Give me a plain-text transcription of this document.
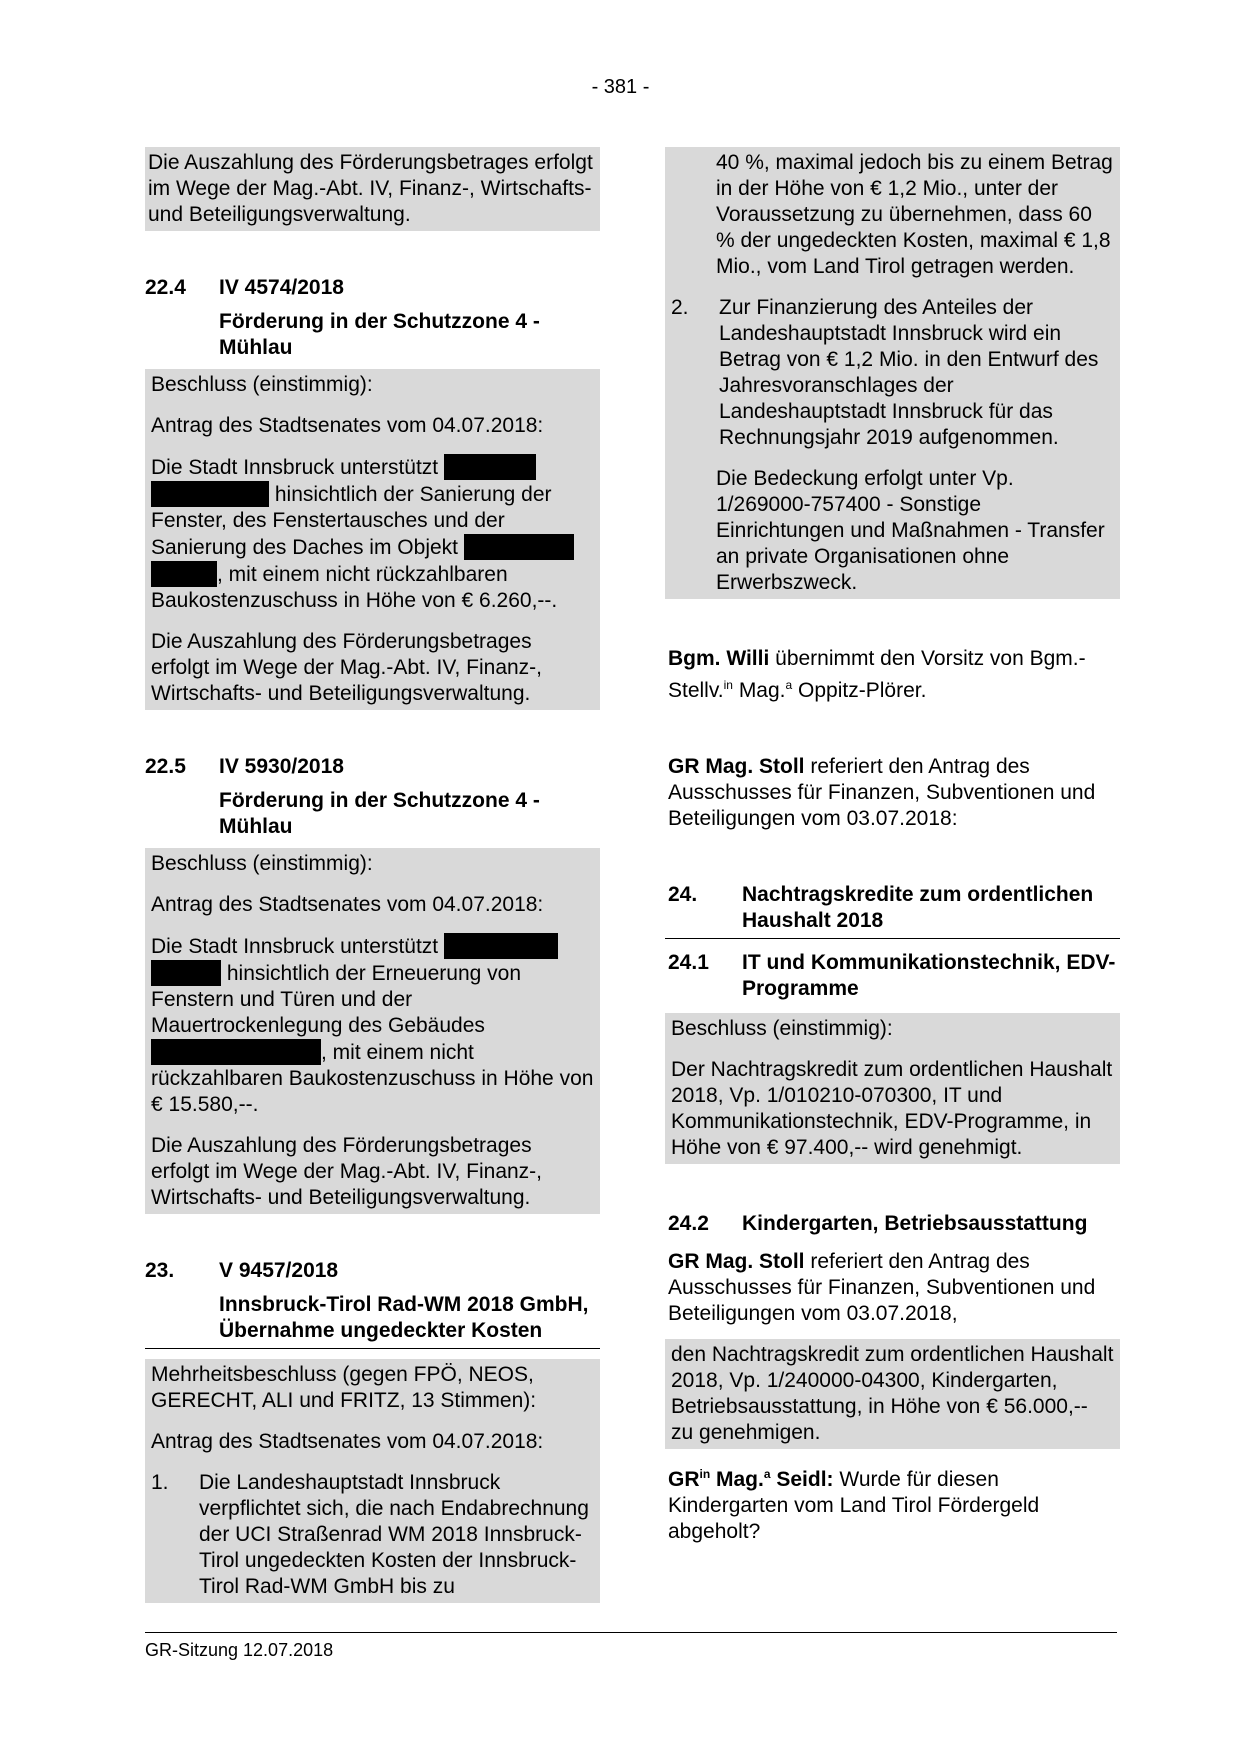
- 381 -

Die Auszahlung des Förderungsbetrages erfolgt im Wege der Mag.-Abt. IV, Finanz-, Wirtschafts- und Beteiligungsverwaltung.

22.4	IV 4574/2018
Förderung in der Schutzzone 4 - Mühlau

Beschluss (einstimmig):

Antrag des Stadtsenates vom 04.07.2018:

Die Stadt Innsbruck unterstützt   hinsichtlich der Sanierung der Fenster, des Fenstertausches und der Sanierung des Daches im Objekt  , mit einem nicht rückzahlbaren Baukostenzuschuss in Höhe von € 6.260,--.

Die Auszahlung des Förderungsbetrages erfolgt im Wege der Mag.-Abt. IV, Finanz-, Wirtschafts- und Beteiligungsverwaltung.

22.5	IV 5930/2018
Förderung in der Schutzzone 4 - Mühlau

Beschluss (einstimmig):

Antrag des Stadtsenates vom 04.07.2018:

Die Stadt Innsbruck unterstützt   hinsichtlich der Erneuerung von Fenstern und Türen und der Mauertrockenlegung des Gebäudes , mit einem nicht rückzahlbaren Baukostenzuschuss in Höhe von € 15.580,--.

Die Auszahlung des Förderungsbetrages erfolgt im Wege der Mag.-Abt. IV, Finanz-, Wirtschafts- und Beteiligungsverwaltung.

23.	V 9457/2018
Innsbruck-Tirol Rad-WM 2018 GmbH, Übernahme ungedeckter Kosten

Mehrheitsbeschluss (gegen FPÖ, NEOS, GERECHT, ALI und FRITZ, 13 Stimmen):

Antrag des Stadtsenates vom 04.07.2018:

1.	Die Landeshauptstadt Innsbruck verpflichtet sich, die nach Endabrechnung der UCI Straßenrad WM 2018 Innsbruck-Tirol ungedeckten Kosten der Innsbruck-Tirol Rad-WM GmbH bis zu

40 %, maximal jedoch bis zu einem Betrag in der Höhe von € 1,2 Mio., unter der Voraussetzung zu übernehmen, dass 60 % der ungedeckten Kosten, maximal € 1,8 Mio., vom Land Tirol getragen werden.

2.	Zur Finanzierung des Anteiles der Landeshauptstadt Innsbruck wird ein Betrag von € 1,2 Mio. in den Entwurf des Jahresvoranschlages der Landeshauptstadt Innsbruck für das Rechnungsjahr 2019 aufgenommen.

Die Bedeckung erfolgt unter Vp. 1/269000-757400 - Sonstige Einrichtungen und Maßnahmen - Transfer an private Organisationen ohne Erwerbszweck.

Bgm. Willi übernimmt den Vorsitz von Bgm.-Stellv.$^{in}$ Mag.$^a$ Oppitz-Plörer.

GR Mag. Stoll referiert den Antrag des Ausschusses für Finanzen, Subventionen und Beteiligungen vom 03.07.2018:

24.	Nachtragskredite zum ordentlichen Haushalt 2018
24.1	IT und Kommunikationstechnik, EDV-Programme

Beschluss (einstimmig):

Der Nachtragskredit zum ordentlichen Haushalt 2018, Vp. 1/010210-070300, IT und Kommunikationstechnik, EDV-Programme, in Höhe von € 97.400,-- wird genehmigt.

24.2	Kindergarten, Betriebsausstattung

GR Mag. Stoll referiert den Antrag des Ausschusses für Finanzen, Subventionen und Beteiligungen vom 03.07.2018,

den Nachtragskredit zum ordentlichen Haushalt 2018, Vp. 1/240000-04300, Kindergarten, Betriebsausstattung, in Höhe von € 56.000,-- zu genehmigen.

$GR^{in}$ Mag.$^a$ Seidl: Wurde für diesen Kindergarten vom Land Tirol Fördergeld abgeholt?

GR-Sitzung 12.07.2018
